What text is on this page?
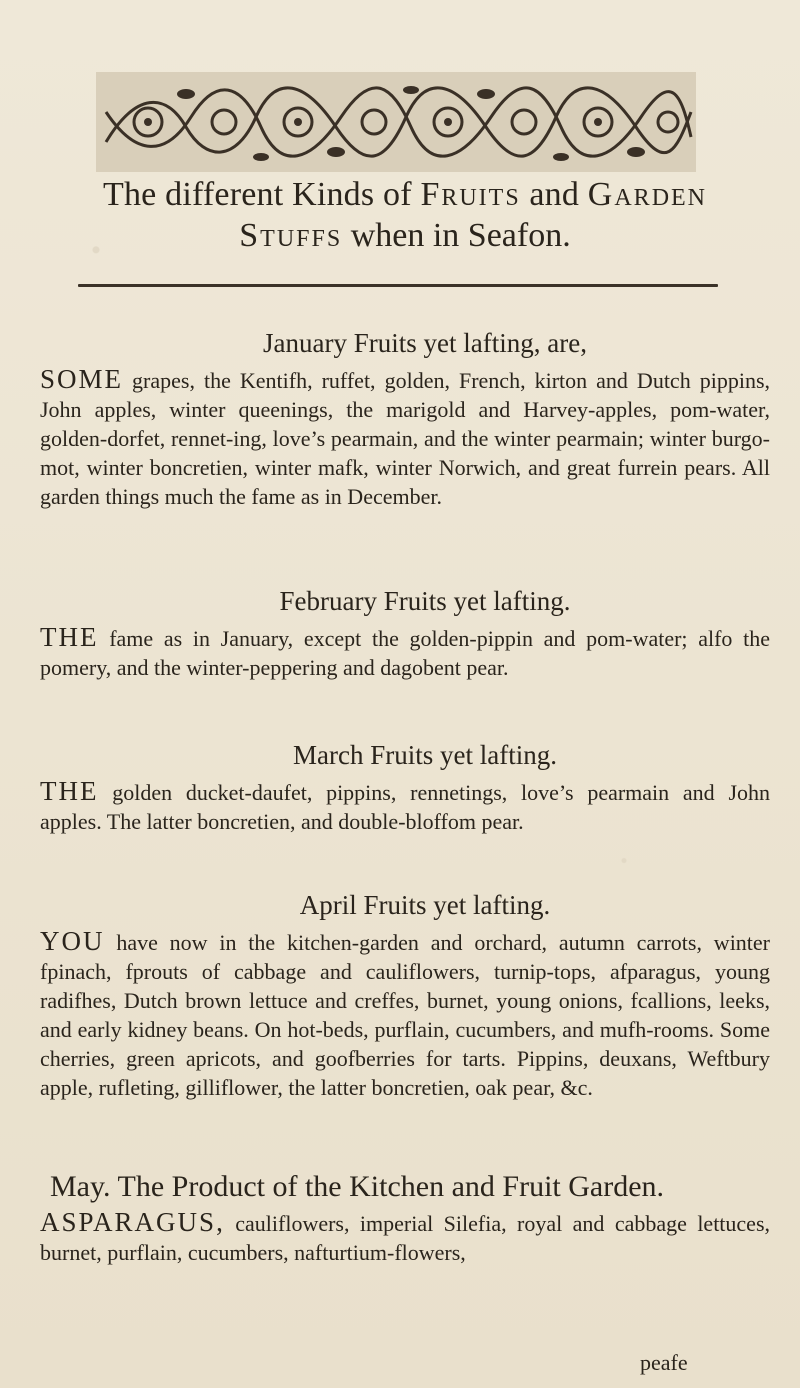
The different Kinds of Fruits and Garden
Stuffs when in Seafon.

January Fruits yet lafting, are,

SOME grapes, the Kentifh, ruffet, golden, French, kirton and Dutch pippins, John apples, winter queenings, the marigold and Harvey-apples, pom-water, golden-dorfet, rennet-ing, love’s pearmain, and the winter pearmain; winter burgo-mot, winter boncretien, winter mafk, winter Norwich, and great furrein pears. All garden things much the fame as in December.

February Fruits yet lafting.

THE fame as in January, except the golden-pippin and pom-water; alfo the pomery, and the winter-peppering and dagobent pear.

March Fruits yet lafting.

THE golden ducket-daufet, pippins, rennetings, love’s pearmain and John apples. The latter boncretien, and double-bloffom pear.

April Fruits yet lafting.

YOU have now in the kitchen-garden and orchard, autumn carrots, winter fpinach, fprouts of cabbage and cauliflowers, turnip-tops, afparagus, young radifhes, Dutch brown lettuce and creffes, burnet, young onions, fcallions, leeks, and early kidney beans. On hot-beds, purflain, cucumbers, and mufh-rooms. Some cherries, green apricots, and goofberries for tarts. Pippins, deuxans, Weftbury apple, rufleting, gilliflower, the latter boncretien, oak pear, &c.

May. The Product of the Kitchen and Fruit Garden.

ASPARAGUS, cauliflowers, imperial Silefia, royal and cabbage lettuces, burnet, purflain, cucumbers, nafturtium-flowers,

peafe
